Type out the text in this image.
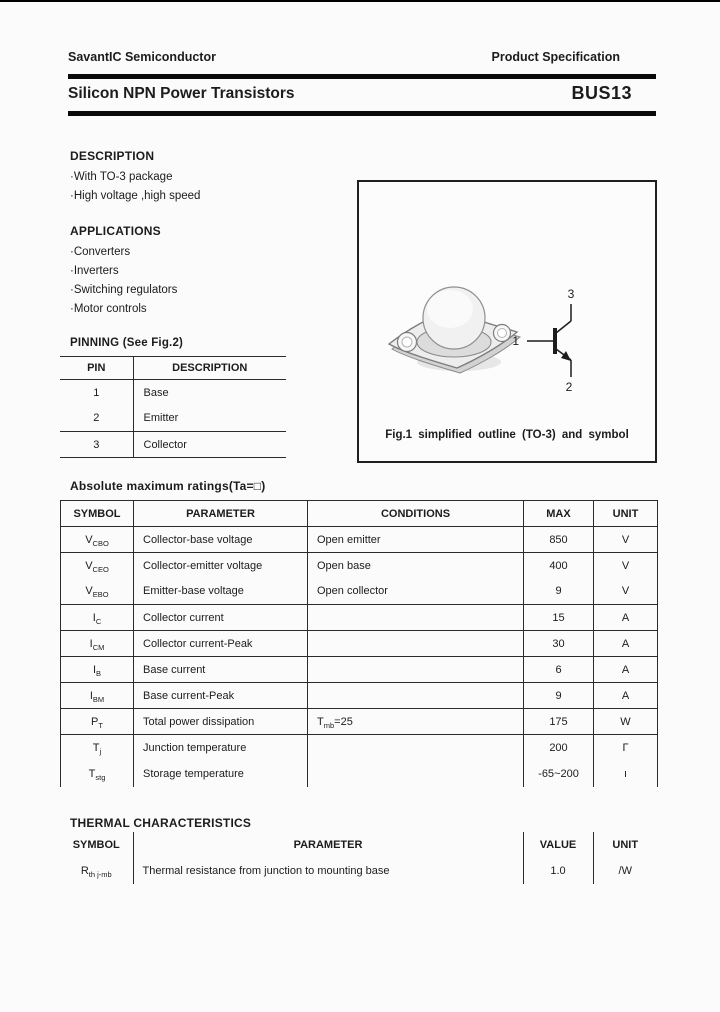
SavantIC Semiconductor	Product Specification
Silicon NPN Power Transistors	BUS13
DESCRIPTION
·With TO-3 package
·High voltage ,high speed
APPLICATIONS
·Converters
·Inverters
·Switching regulators
·Motor controls
PINNING (See Fig.2)
PIN	DESCRIPTION
1	Base
2	Emitter
3	Collector
1
3
2
Fig.1 simplified outline (TO-3) and symbol
Absolute maximum ratings(Ta=□)
SYMBOL	PARAMETER	CONDITIONS	MAX	UNIT
$V_{CBO}$	Collector-base voltage	Open emitter	850	V
$V_{CEO}$	Collector-emitter voltage	Open base	400	V
$V_{EBO}$	Emitter-base voltage	Open collector	9	V
$I_C$	Collector current		15	A
$I_{CM}$	Collector current-Peak		30	A
$I_B$	Base current		6	A
$I_{BM}$	Base current-Peak		9	A
$P_T$	Total power dissipation	$T_{mb}=25$	175	W
$T_j$	Junction temperature		200	Γ
$T_{stg}$	Storage temperature		-65~200	ı
THERMAL CHARACTERISTICS
SYMBOL	PARAMETER	VALUE	UNIT
$R_{th j-mb}$	Thermal resistance from junction to mounting base	1.0	/W
